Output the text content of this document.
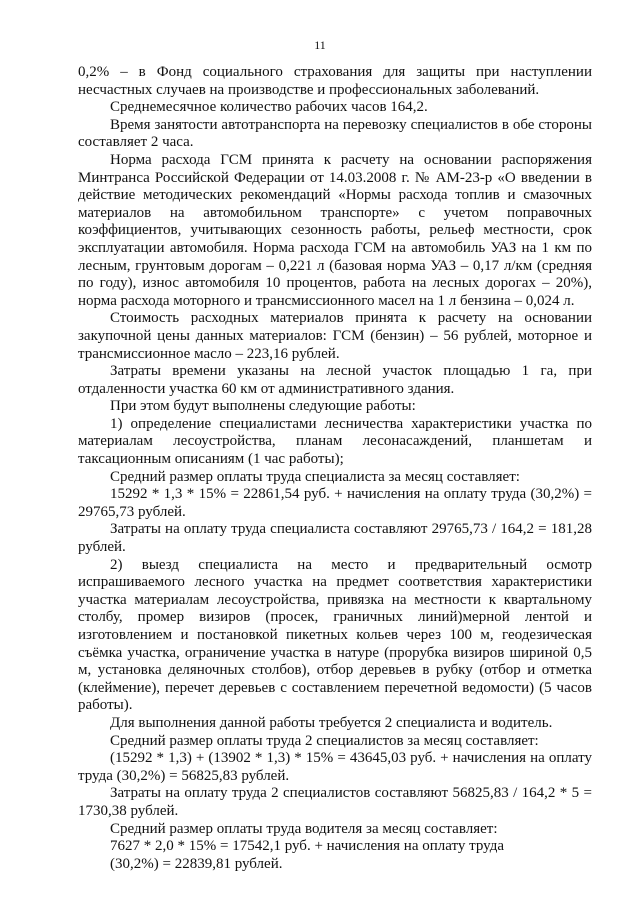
11

0,2% – в Фонд социального страхования для защиты при наступлении несчастных случаев на производстве и профессиональных заболеваний.

Среднемесячное количество рабочих часов 164,2.

Время занятости автотранспорта на перевозку специалистов в обе стороны составляет 2 часа.

Норма расхода ГСМ принята к расчету на основании распоряжения Минтранса Российской Федерации от 14.03.2008 г. № АМ-23-р «О введении в действие методических рекомендаций «Нормы расхода топлив и смазочных материалов на автомобильном транспорте» с учетом поправочных коэффициентов, учитывающих сезонность работы, рельеф местности, срок эксплуатации автомобиля. Норма расхода ГСМ на автомобиль УАЗ на 1 км по лесным, грунтовым дорогам – 0,221 л (базовая норма УАЗ – 0,17 л/км (средняя по году), износ автомобиля 10 процентов, работа на лесных дорогах – 20%), норма расхода моторного и трансмиссионного масел на 1 л бензина – 0,024 л.

Стоимость расходных материалов принята к расчету на основании закупочной цены данных материалов: ГСМ (бензин) – 56 рублей, моторное и трансмиссионное масло – 223,16 рублей.

Затраты времени указаны на лесной участок площадью 1 га, при отдаленности участка 60 км от административного здания.

При этом будут выполнены следующие работы:

1) определение специалистами лесничества характеристики участка по материалам лесоустройства, планам лесонасаждений, планшетам и таксационным описаниям (1 час работы);

Средний размер оплаты труда специалиста за месяц составляет:

15292 * 1,3 * 15% = 22861,54 руб. + начисления на оплату труда (30,2%) = 29765,73 рублей.

Затраты на оплату труда специалиста составляют 29765,73 / 164,2 = 181,28 рублей.

2) выезд специалиста на место и предварительный осмотр испрашиваемого лесного участка на предмет соответствия характеристики участка материалам лесоустройства, привязка на местности к квартальному столбу, промер визиров (просек, граничных линий)мерной лентой и изготовлением и постановкой пикетных кольев через 100 м, геодезическая съёмка участка, ограничение участка в натуре (прорубка визиров шириной 0,5 м, установка деляночных столбов), отбор деревьев в рубку (отбор и отметка (клеймение), перечет деревьев с составлением перечетной ведомости) (5 часов работы).

Для выполнения данной работы требуется 2 специалиста и водитель.

Средний размер оплаты труда 2 специалистов за месяц составляет:

(15292 * 1,3) + (13902 * 1,3) * 15% = 43645,03 руб. + начисления на оплату труда (30,2%) = 56825,83 рублей.

Затраты на оплату труда 2 специалистов составляют 56825,83 / 164,2 * 5 = 1730,38 рублей.

Средний размер оплаты труда водителя за месяц составляет:

7627 * 2,0 * 15% = 17542,1 руб. + начисления на оплату труда

(30,2%) = 22839,81 рублей.
